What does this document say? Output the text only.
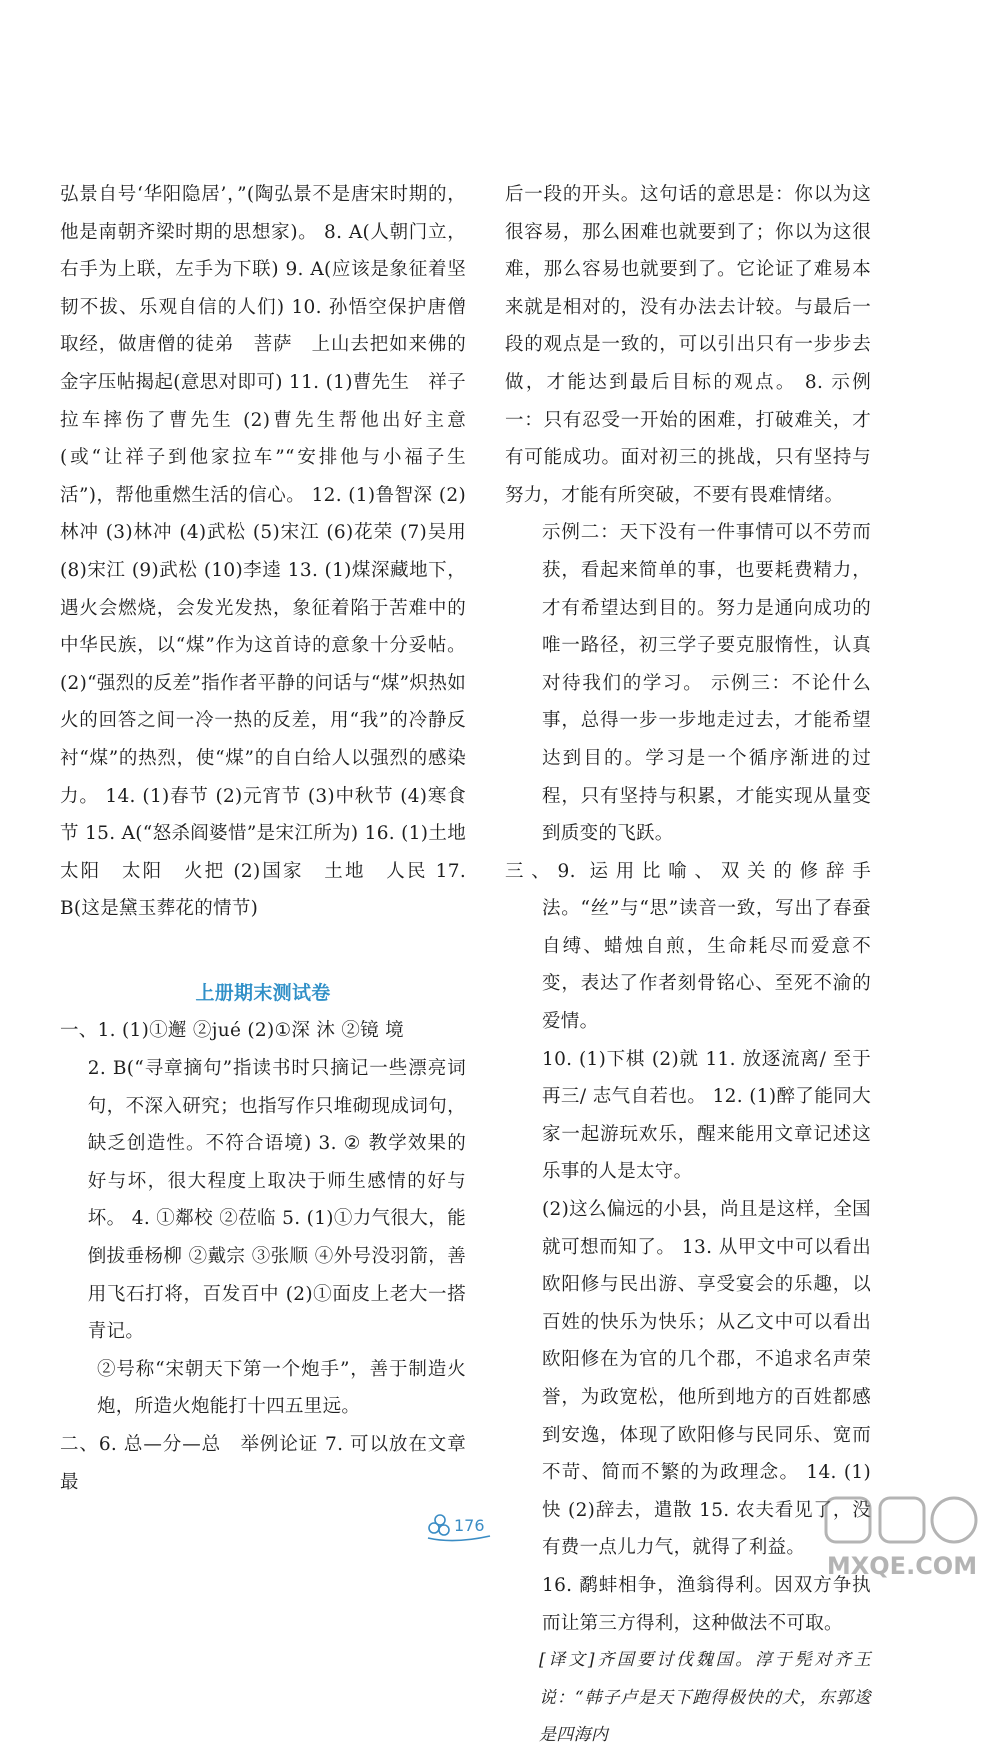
弘景自号‘华阳隐居’，”(陶弘景不是唐宋时期的，他是南朝齐梁时期的思想家)。 8. A(人朝门立，右手为上联，左手为下联) 9. A(应该是象征着坚韧不拔、乐观自信的人们) 10. 孙悟空保护唐僧取经，做唐僧的徒弟　菩萨　上山去把如来佛的金字压帖揭起(意思对即可) 11. (1)曹先生　祥子拉车摔伤了曹先生 (2)曹先生帮他出好主意(或“让祥子到他家拉车”“安排他与小福子生活”)，帮他重燃生活的信心。 12. (1)鲁智深 (2)林冲 (3)林冲 (4)武松 (5)宋江 (6)花荣 (7)吴用 (8)宋江 (9)武松 (10)李逵 13. (1)煤深藏地下，遇火会燃烧，会发光发热，象征着陷于苦难中的中华民族，以“煤”作为这首诗的意象十分妥帖。 (2)“强烈的反差”指作者平静的问话与“煤”炽热如火的回答之间一冷一热的反差，用“我”的冷静反衬“煤”的热烈，使“煤”的自白给人以强烈的感染力。 14. (1)春节 (2)元宵节 (3)中秋节 (4)寒食节 15. A(“怒杀阎婆惜”是宋江所为) 16. (1)土地　太阳　太阳　火把 (2)国家　土地　人民 17. B(这是黛玉葬花的情节)

上册期末测试卷

一、1. (1)①邂 ②jué (2)①深 沐 ②镜 境

2. B(“寻章摘句”指读书时只摘记一些漂亮词句，不深入研究；也指写作只堆砌现成词句，缺乏创造性。不符合语境) 3. ② 教学效果的好与坏，很大程度上取决于师生感情的好与坏。 4. ①鄰校 ②莅临 5. (1)①力气很大，能倒拔垂杨柳 ②戴宗 ③张顺 ④外号没羽箭，善用飞石打将，百发百中 (2)①面皮上老大一搭青记。

②号称“宋朝天下第一个炮手”，善于制造火炮，所造火炮能打十四五里远。

二、6. 总—分—总　举例论证 7. 可以放在文章最

后一段的开头。这句话的意思是：你以为这很容易，那么困难也就要到了；你以为这很难，那么容易也就要到了。它论证了难易本来就是相对的，没有办法去计较。与最后一段的观点是一致的，可以引出只有一步步去做，才能达到最后目标的观点。 8. 示例一：只有忍受一开始的困难，打破难关，才有可能成功。面对初三的挑战，只有坚持与努力，才能有所突破，不要有畏难情绪。

示例二：天下没有一件事情可以不劳而获，看起来简单的事，也要耗费精力，才有希望达到目的。努力是通向成功的唯一路径，初三学子要克服惰性，认真对待我们的学习。 示例三：不论什么事，总得一步一步地走过去，才能希望达到目的。学习是一个循序渐进的过程，只有坚持与积累，才能实现从量变到质变的飞跃。

三、9. 运用比喻、双关的修辞手法。“丝”与“思”读音一致，写出了春蚕自缚、蜡烛自煎，生命耗尽而爱意不变，表达了作者刻骨铭心、至死不渝的爱情。

10. (1)下棋 (2)就 11. 放逐流离/ 至于再三/ 志气自若也。 12. (1)醉了能同大家一起游玩欢乐，醒来能用文章记述这乐事的人是太守。

(2)这么偏远的小县，尚且是这样，全国就可想而知了。 13. 从甲文中可以看出欧阳修与民出游、享受宴会的乐趣，以百姓的快乐为快乐；从乙文中可以看出欧阳修在为官的几个郡，不追求名声荣誉，为政宽松，他所到地方的百姓都感到安逸，体现了欧阳修与民同乐、宽而不苛、简而不繁的为政理念。 14. (1)快 (2)辞去，遣散 15. 农夫看见了，没有费一点儿力气，就得了利益。

16. 鹬蚌相争，渔翁得利。因双方争执而让第三方得利，这种做法不可取。

[译文]齐国要讨伐魏国。淳于髡对齐王说：“韩子卢是天下跑得极快的犬，东郭逡是四海内

176
MXQE.COM
